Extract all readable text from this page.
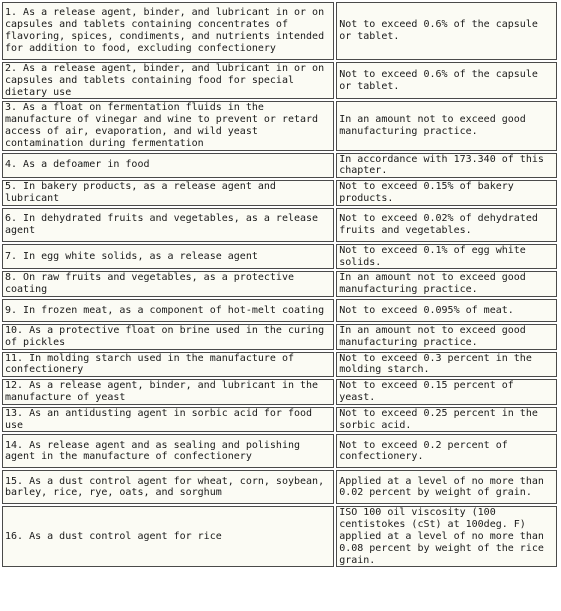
1. As a release agent, binder, and lubricant in or on capsules and tablets containing concentrates of flavoring, spices, condiments, and nutrients intended for addition to food, excluding confectionery	Not to exceed 0.6% of the capsule or tablet.
2. As a release agent, binder, and lubricant in or on capsules and tablets containing food for special dietary use	Not to exceed 0.6% of the capsule or tablet.
3. As a float on fermentation fluids in the manufacture of vinegar and wine to prevent or retard access of air, evaporation, and wild yeast contamination during fermentation	In an amount not to exceed good manufacturing practice.
4. As a defoamer in food	In accordance with 173.340 of this chapter.
5. In bakery products, as a release agent and lubricant	Not to exceed 0.15% of bakery products.
6. In dehydrated fruits and vegetables, as a release agent	Not to exceed 0.02% of dehydrated fruits and vegetables.
7. In egg white solids, as a release agent	Not to exceed 0.1% of egg white solids.
8. On raw fruits and vegetables, as a protective coating	In an amount not to exceed good manufacturing practice.
9. In frozen meat, as a component of hot-melt coating	Not to exceed 0.095% of meat.
10. As a protective float on brine used in the curing of pickles	In an amount not to exceed good manufacturing practice.
11. In molding starch used in the manufacture of confectionery	Not to exceed 0.3 percent in the molding starch.
12. As a release agent, binder, and lubricant in the manufacture of yeast	Not to exceed 0.15 percent of yeast.
13. As an antidusting agent in sorbic acid for food use	Not to exceed 0.25 percent in the sorbic acid.
14. As release agent and as sealing and polishing agent in the manufacture of confectionery	Not to exceed 0.2 percent of confectionery.
15. As a dust control agent for wheat, corn, soybean, barley, rice, rye, oats, and sorghum	Applied at a level of no more than 0.02 percent by weight of grain.
16. As a dust control agent for rice	ISO 100 oil viscosity (100 centistokes (cSt) at 100deg. F) applied at a level of no more than 0.08 percent by weight of the rice grain.
